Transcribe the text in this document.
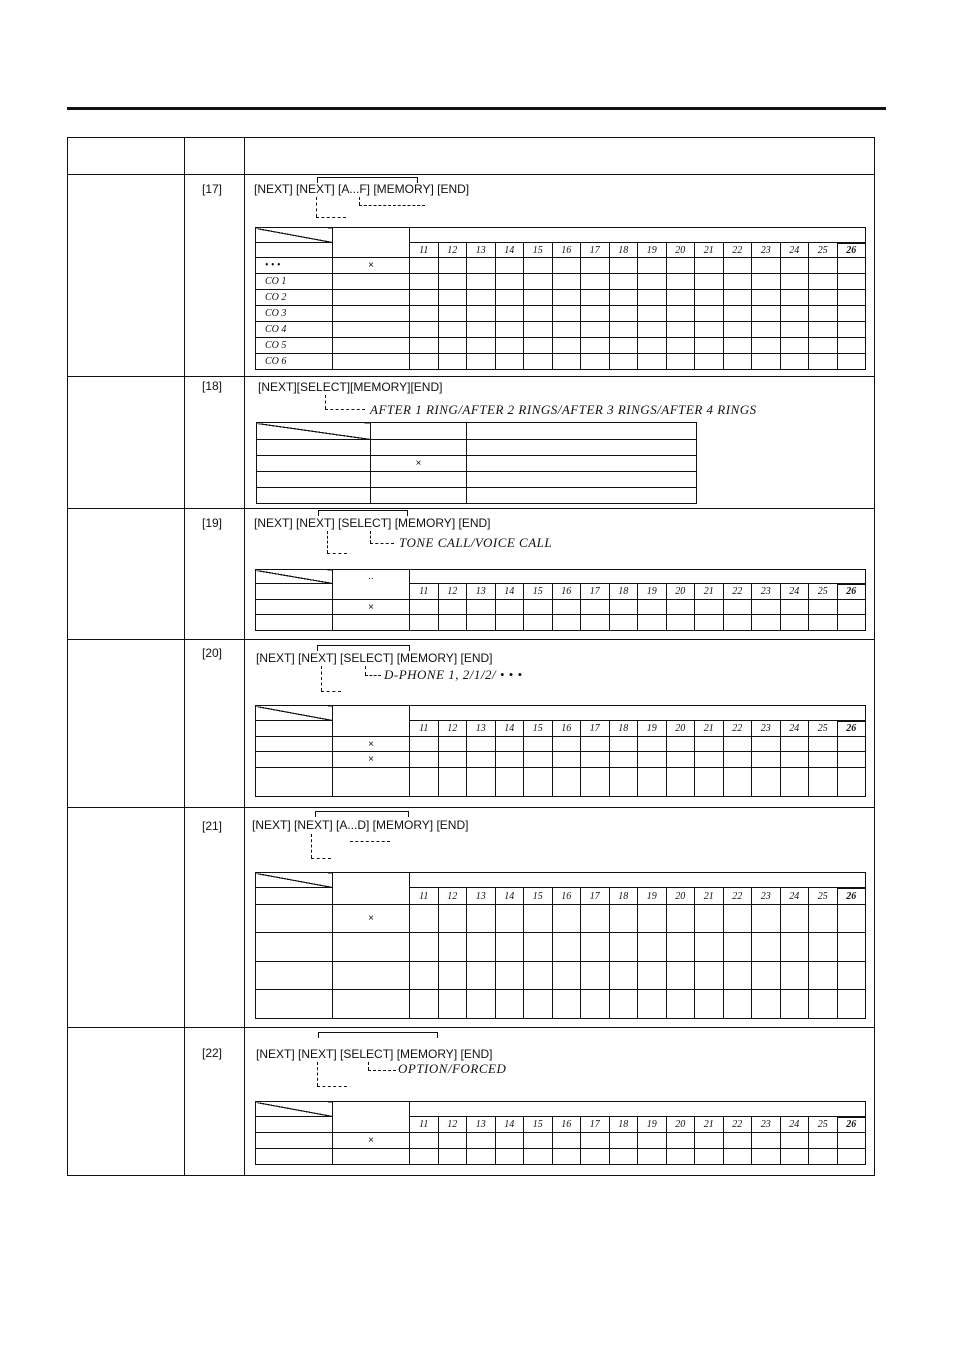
[17]	[NEXT] [NEXT] [A...F] [MEMORY] [END]

		11	12	13	14	15	16	17	18	19	20	21	22	23	24	25	26
• • •	×																
CO 1																	
CO 2																	
CO 3																	
CO 4																	
CO 5																	
CO 6																	
[18]	[NEXT][SELECT][MEMORY][END]
AFTER 1 RING/AFTER 2 RINGS/AFTER 3 RINGS/AFTER 4 RINGS

	×	

[19]	[NEXT] [NEXT] [SELECT] [MEMORY] [END]
TONE CALL/VOICE CALL
	..																
		11	12	13	14	15	16	17	18	19	20	21	22	23	24	25	26
	×																

[20]	[NEXT] [NEXT] [SELECT] [MEMORY] [END]
D-PHONE 1, 2/1/2/ • • •

		11	12	13	14	15	16	17	18	19	20	21	22	23	24	25	26
	×																
	×																

[21] [NEXT] [NEXT] [A...D] [MEMORY] [END]

		11	12	13	14	15	16	17	18	19	20	21	22	23	24	25	26
	×																

[22]	[NEXT] [NEXT] [SELECT] [MEMORY] [END]
OPTION/FORCED

		11	12	13	14	15	16	17	18	19	20	21	22	23	24	25	26
	×																
